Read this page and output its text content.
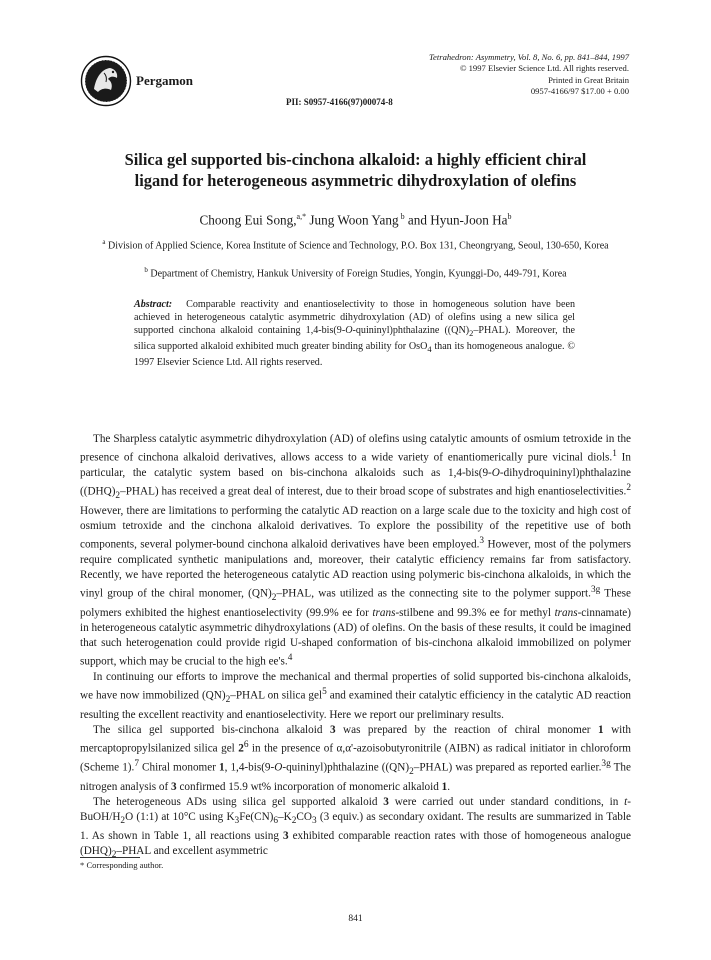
Pergamon
Tetrahedron: Asymmetry, Vol. 8, No. 6, pp. 841–844, 1997
© 1997 Elsevier Science Ltd. All rights reserved.
Printed in Great Britain
0957-4166/97 $17.00 + 0.00
PII: S0957-4166(97)00074-8
Silica gel supported bis-cinchona alkaloid: a highly efficient chiral
ligand for heterogeneous asymmetric dihydroxylation of olefins
Choong Eui Song,$^{a,*}$ Jung Woon Yang $^b$ and Hyun-Joon Ha$^b$
$^a$ Division of Applied Science, Korea Institute of Science and Technology, P.O. Box 131, Cheongryang, Seoul, 130-650, Korea
$^b$ Department of Chemistry, Hankuk University of Foreign Studies, Yongin, Kyunggi-Do, 449-791, Korea
Abstract: Comparable reactivity and enantioselectivity to those in homogeneous solution have been achieved in heterogeneous catalytic asymmetric dihydroxylation (AD) of olefins using a new silica gel supported cinchona alkaloid containing 1,4-bis(9-O-quininyl)phthalazine $((QN)_2-PHAL)$. Moreover, the silica supported alkaloid exhibited much greater binding ability for OsO$_4$ than its homogeneous analogue. © 1997 Elsevier Science Ltd. All rights reserved.

The Sharpless catalytic asymmetric dihydroxylation (AD) of olefins using catalytic amounts of osmium tetroxide in the presence of cinchona alkaloid derivatives, allows access to a wide variety of enantiomerically pure vicinal diols.$^1$ In particular, the catalytic system based on bis-cinchona alkaloids such as 1,4-bis(9-O-dihydroquininyl)phthalazine $((DHQ)_2-PHAL)$ has received a great deal of interest, due to their broad scope of substrates and high enantioselectivities.$^2$ However, there are limitations to performing the catalytic AD reaction on a large scale due to the toxicity and high cost of osmium tetroxide and the cinchona alkaloid derivatives. To explore the possibility of the repetitive use of both components, several polymer-bound cinchona alkaloid derivatives have been employed.$^3$ However, most of the polymers require complicated synthetic manipulations and, moreover, their catalytic efficiency remains far from satisfactory. Recently, we have reported the heterogeneous catalytic AD reaction using polymeric bis-cinchona alkaloids, in which the vinyl group of the chiral monomer, $(QN)_2$–PHAL, was utilized as the connecting site to the polymer support.$^{3g}$ These polymers exhibited the highest enantioselectivity (99.9% ee for trans-stilbene and 99.3% ee for methyl trans-cinnamate) in heterogeneous catalytic asymmetric dihydroxylations (AD) of olefins. On the basis of these results, it could be imagined that such heterogenation could provide rigid U-shaped conformation of bis-cinchona alkaloid immobilized on polymer support, which may be crucial to the high ee's.$^4$

In continuing our efforts to improve the mechanical and thermal properties of solid supported bis-cinchona alkaloids, we have now immobilized $(QN)_2$–PHAL on silica gel$^5$ and examined their catalytic efficiency in the catalytic AD reaction resulting the excellent reactivity and enantioselectivity. Here we report our preliminary results.

The silica gel supported bis-cinchona alkaloid 3 was prepared by the reaction of chiral monomer 1 with mercaptopropylsilanized silica gel $2^6$ in the presence of α,α'-azoisobutyronitrile (AIBN) as radical initiator in chloroform (Scheme 1).$^7$ Chiral monomer 1, 1,4-bis(9-O-quininyl)phthalazine $((QN)_2-PHAL)$ was prepared as reported earlier.$^{3g}$ The nitrogen analysis of 3 confirmed 15.9 wt% incorporation of monomeric alkaloid 1.

The heterogeneous ADs using silica gel supported alkaloid 3 were carried out under standard conditions, in $t-BuOH/H_2O$ (1:1) at 10°C using $K_3Fe(CN)_6-K_2CO_3$ (3 equiv.) as secondary oxidant. The results are summarized in Table 1. As shown in Table 1, all reactions using 3 exhibited comparable reaction rates with those of homogeneous analogue $(DHQ)_2$–PHAL and excellent asymmetric

* Corresponding author.
841
